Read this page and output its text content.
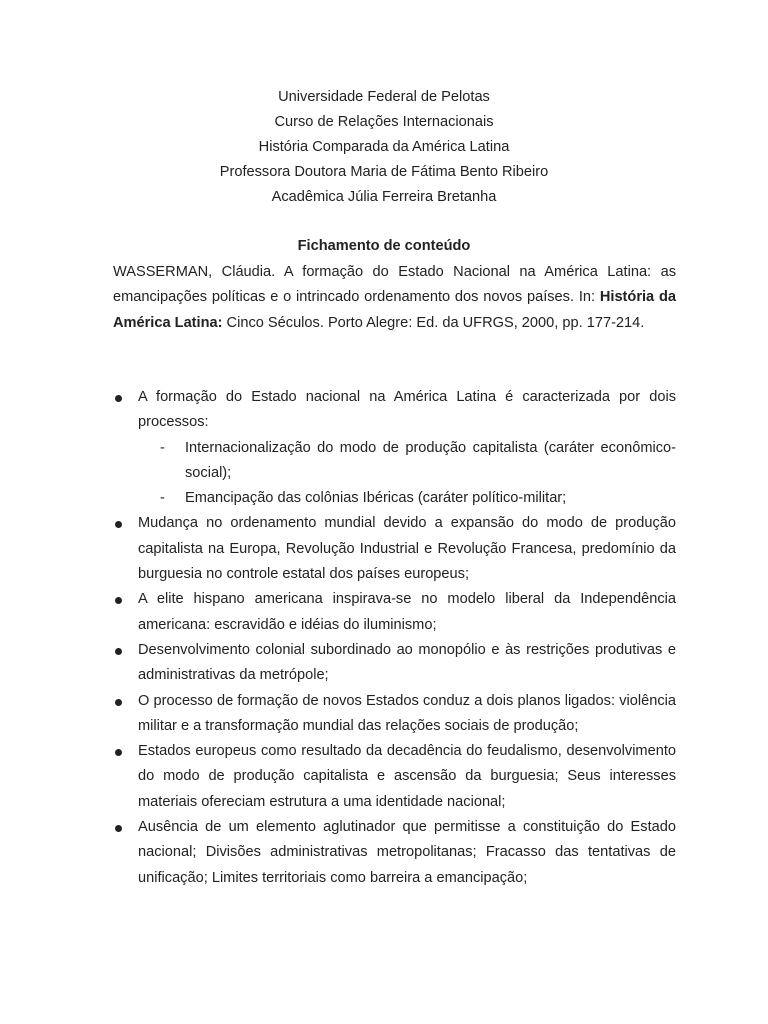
Universidade Federal de Pelotas

Curso de Relações Internacionais

História Comparada da América Latina

Professora Doutora Maria de Fátima Bento Ribeiro

Acadêmica Júlia Ferreira Bretanha

Fichamento de conteúdo

WASSERMAN, Cláudia. A formação do Estado Nacional na América Latina: as emancipações políticas e o intrincado ordenamento dos novos países. In: História da América Latina: Cinco Séculos. Porto Alegre: Ed. da UFRGS, 2000, pp. 177-214.

A formação do Estado nacional na América Latina é caracterizada por dois processos:
- Internacionalização do modo de produção capitalista (caráter econômico-social);
- Emancipação das colônias Ibéricas (caráter político-militar;
Mudança no ordenamento mundial devido a expansão do modo de produção capitalista na Europa, Revolução Industrial e Revolução Francesa, predomínio da burguesia no controle estatal dos países europeus;
A elite hispano americana inspirava-se no modelo liberal da Independência americana: escravidão e idéias do iluminismo;
Desenvolvimento colonial subordinado ao monopólio e às restrições produtivas e administrativas da metrópole;
O processo de formação de novos Estados conduz a dois planos ligados: violência militar e a transformação mundial das relações sociais de produção;
Estados europeus como resultado da decadência do feudalismo, desenvolvimento do modo de produção capitalista e ascensão da burguesia; Seus interesses materiais ofereciam estrutura a uma identidade nacional;
Ausência de um elemento aglutinador que permitisse a constituição do Estado nacional; Divisões administrativas metropolitanas; Fracasso das tentativas de unificação; Limites territoriais como barreira a emancipação;
